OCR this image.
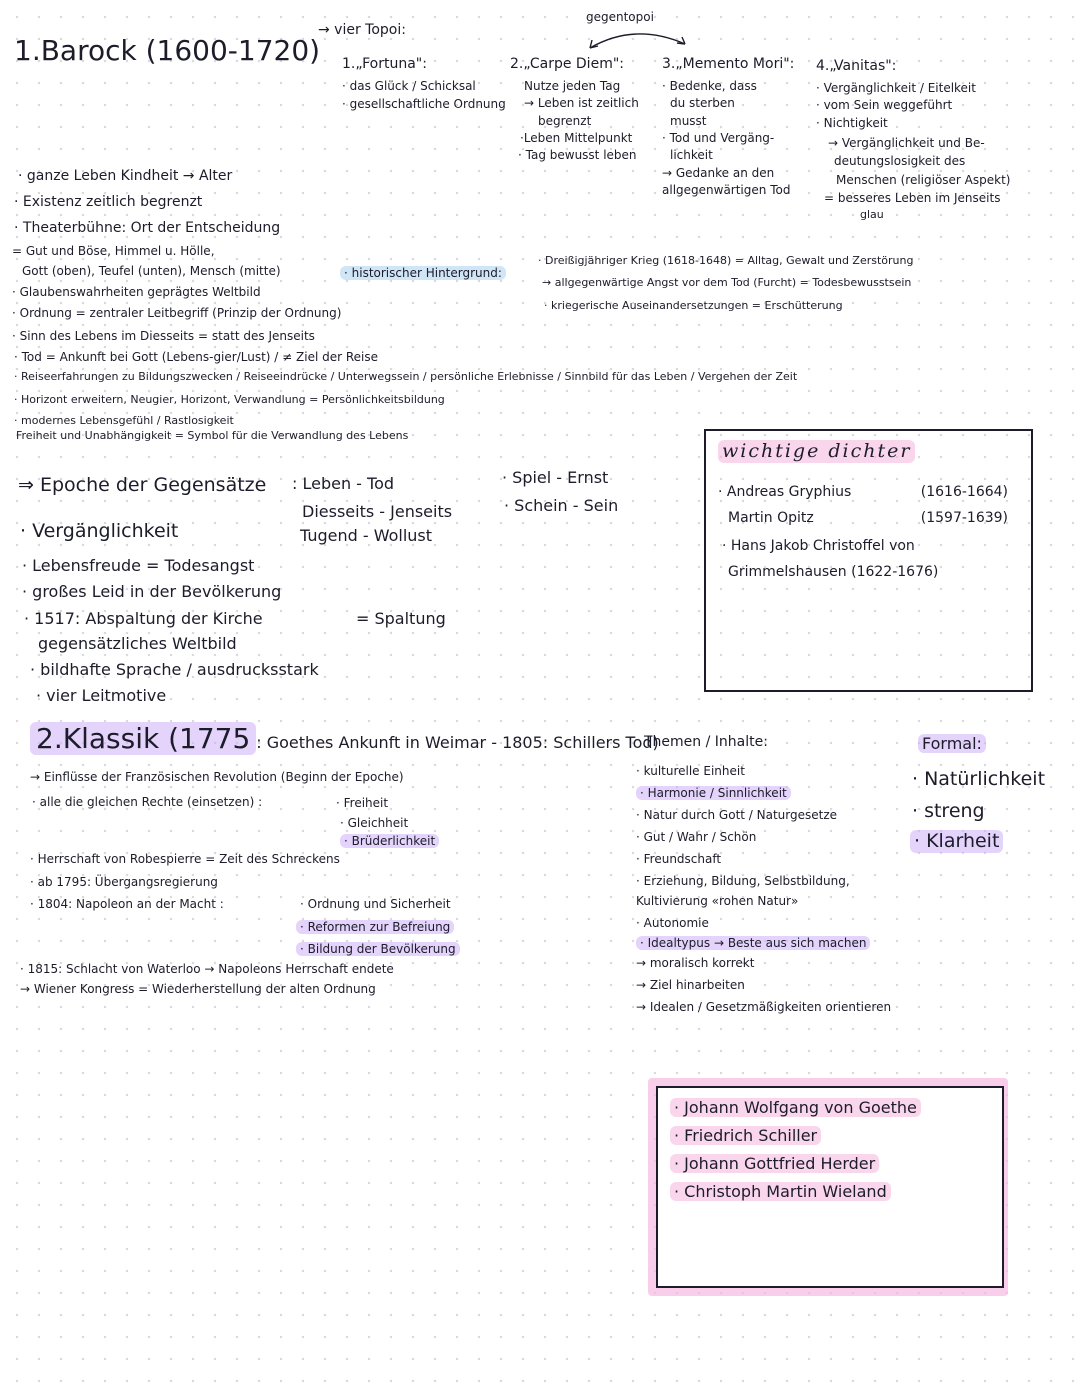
1.Barock (1600-1720)
→ vier Topoi:
gegentopoi
1.„Fortuna":
· das Glück / Schicksal
· gesellschaftliche Ordnung
2.„Carpe Diem":
Nutze jeden Tag
→ Leben ist zeitlich
begrenzt
·Leben Mittelpunkt
· Tag bewusst leben
3.„Memento Mori":
· Bedenke, dass
du sterben
musst
· Tod und Vergäng-
lichkeit
→ Gedanke an den
allgegenwärtigen Tod
4.„Vanitas":
· Vergänglichkeit / Eitelkeit
· vom Sein weggeführt
· Nichtigkeit
→ Vergänglichkeit und Be-
deutungslosigkeit des
Menschen (religiöser Aspekt)
= besseres Leben im Jenseits
glau
· ganze Leben Kindheit → Alter
· Existenz zeitlich begrenzt
· Theaterbühne: Ort der Entscheidung
= Gut und Böse, Himmel u. Hölle,
Gott (oben), Teufel (unten), Mensch (mitte)
· Glaubenswahrheiten geprägtes Weltbild
· Ordnung = zentraler Leitbegriff (Prinzip der Ordnung)
· Sinn des Lebens im Diesseits = statt des Jenseits
· Tod = Ankunft bei Gott (Lebens-gier/Lust) / ≠ Ziel der Reise
· Reiseerfahrungen zu Bildungszwecken / Reiseeindrücke / Unterwegssein / persönliche Erlebnisse / Sinnbild für das Leben / Vergehen der Zeit
· Horizont erweitern, Neugier, Horizont, Verwandlung = Persönlichkeitsbildung
· modernes Lebensgefühl / Rastlosigkeit
Freiheit und Unabhängigkeit = Symbol für die Verwandlung des Lebens
· historischer Hintergrund:
· Dreißigjähriger Krieg (1618-1648) = Alltag, Gewalt und Zerstörung
→ allgegenwärtige Angst vor dem Tod (Furcht) = Todesbewusstsein
· kriegerische Auseinandersetzungen = Erschütterung
⇒ Epoche der Gegensätze : Leben - Tod
Diesseits - Jenseits
Tugend - Wollust
· Spiel - Ernst
· Schein - Sein
· Vergänglichkeit
· Lebensfreude = Todesangst
· großes Leid in der Bevölkerung
· 1517: Abspaltung der Kirche	= Spaltung
gegensätzliches Weltbild
· bildhafte Sprache / ausdrucksstark
· vier Leitmotive
wichtige dichter
· Andreas Gryphius	(1616-1664)
Martin Opitz	(1597-1639)
· Hans Jakob Christoffel von
Grimmelshausen (1622-1676)
2.Klassik (1775 : Goethes Ankunft in Weimar - 1805: Schillers Tod)
→ Einflüsse der Französischen Revolution (Beginn der Epoche)
· alle die gleichen Rechte (einsetzen) :	· Freiheit
· Gleichheit
· Brüderlichkeit
· Herrschaft von Robespierre = Zeit des Schreckens
· ab 1795: Übergangsregierung
· 1804: Napoleon an der Macht :	· Ordnung und Sicherheit
· Reformen zur Befreiung
· Bildung der Bevölkerung
· 1815: Schlacht von Waterloo → Napoleons Herrschaft endete
→ Wiener Kongress = Wiederherstellung der alten Ordnung
Themen / Inhalte:
· kulturelle Einheit
· Harmonie / Sinnlichkeit
· Natur durch Gott / Naturgesetze
· Gut / Wahr / Schön
· Freundschaft
· Erziehung, Bildung, Selbstbildung,
Kultivierung «rohen Natur»
· Autonomie
· Idealtypus → Beste aus sich machen
→ moralisch korrekt
→ Ziel hinarbeiten
→ Idealen / Gesetzmäßigkeiten orientieren
Formal:
· Natürlichkeit
· streng
· Klarheit
· Johann Wolfgang von Goethe
· Friedrich Schiller
· Johann Gottfried Herder
· Christoph Martin Wieland
